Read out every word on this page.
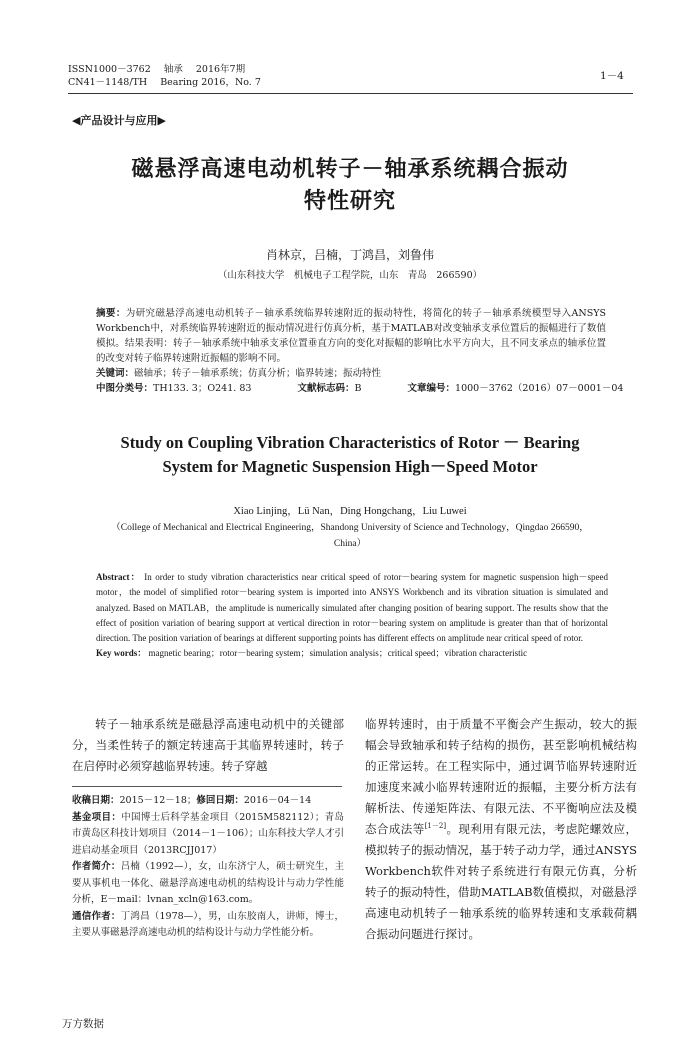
ISSN1000－3762 轴承 2016年7期
CN41－1148/TH Bearing 2016，No. 7
1－4
◀产品设计与应用▶
磁悬浮高速电动机转子－轴承系统耦合振动
特性研究
肖林京，吕楠，丁鸿昌，刘鲁伟
（山东科技大学　机械电子工程学院，山东　青岛　266590）
摘要：为研究磁悬浮高速电动机转子－轴承系统临界转速附近的振动特性，将简化的转子－轴承系统模型导入ANSYS Workbench中，对系统临界转速附近的振动情况进行仿真分析，基于MATLAB对改变轴承支承位置后的振幅进行了数值模拟。结果表明：转子－轴承系统中轴承支承位置垂直方向的变化对振幅的影响比水平方向大，且不同支承点的轴承位置的改变对转子临界转速附近振幅的影响不同。
关键词：磁轴承；转子－轴承系统；仿真分析；临界转速；振动特性
中图分类号：TH133. 3；O241. 83	文献标志码：B	文章编号：1000－3762（2016）07－0001－04
Study on Coupling Vibration Characteristics of Rotor － Bearing
System for Magnetic Suspension High－Speed Motor
Xiao Linjing，Lü Nan，Ding Hongchang，Liu Luwei
（College of Mechanical and Electrical Engineering，Shandong University of Science and Technology，Qingdao 266590，China）
Abstract： In order to study vibration characteristics near critical speed of rotor－bearing system for magnetic suspension high－speed motor，the model of simplified rotor－bearing system is imported into ANSYS Workbench and its vibration situation is simulated and analyzed. Based on MATLAB，the amplitude is numerically simulated after changing position of bearing support. The results show that the effect of position variation of bearing support at vertical direction in rotor－bearing system on amplitude is greater than that of horizontal direction. The position variation of bearings at different supporting points has different effects on amplitude near critical speed of rotor.
Key words： magnetic bearing；rotor－bearing system；simulation analysis；critical speed；vibration characteristic
转子－轴承系统是磁悬浮高速电动机中的关键部分，当柔性转子的额定转速高于其临界转速时，转子在启停时必须穿越临界转速。转子穿越
收稿日期：2015－12－18；修回日期：2016－04－14
基金项目：中国博士后科学基金项目（2015M582112）；青岛市黄岛区科技计划项目（2014－1－106）；山东科技大学人才引进启动基金项目（2013RCJJ017）
作者简介：吕楠（1992—），女，山东济宁人，硕士研究生，主要从事机电一体化、磁悬浮高速电动机的结构设计与动力学性能分析，E－mail：lvnan_xcln@163.com。
通信作者：丁鸿昌（1978—），男，山东胶南人，讲师，博士，主要从事磁悬浮高速电动机的结构设计与动力学性能分析。
临界转速时，由于质量不平衡会产生振动，较大的振幅会导致轴承和转子结构的损伤，甚至影响机械结构的正常运转。在工程实际中，通过调节临界转速附近加速度来减小临界转速附近的振幅，主要分析方法有解析法、传递矩阵法、有限元法、不平衡响应法及模态合成法等[1－2]。现利用有限元法，考虑陀螺效应，模拟转子的振动情况，基于转子动力学，通过ANSYS Workbench软件对转子系统进行有限元仿真，分析转子的振动特性，借助MATLAB数值模拟，对磁悬浮高速电动机转子－轴承系统的临界转速和支承载荷耦合振动问题进行探讨。
万方数据
